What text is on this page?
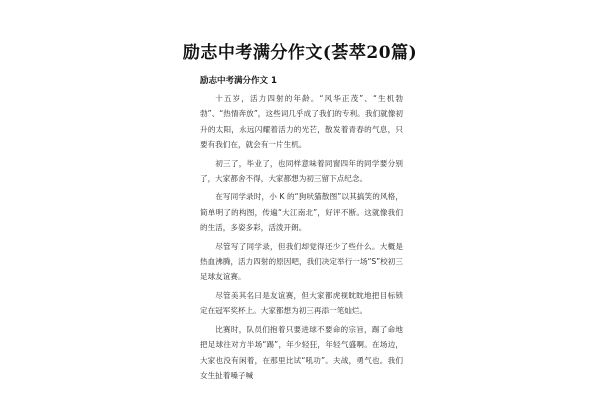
励志中考满分作文(荟萃20篇)
励志中考满分作文 1

十五岁，活力四射的年龄。“风华正茂”、“生机勃勃”、“热情奔放”，这些词几乎成了我们的专利。我们就像初升的太阳，永远闪耀着活力的光芒，散发着青春的气息，只要有我们在，就会有一片生机。

初三了，毕业了，也同样意味着同窗四年的同学要分别了，大家都舍不得，大家都想为初三留下点纪念。

在写同学录时，小 K 的“狗吠猫散图”以其搞笑的风格，简单明了的构图，传遍“大江南北”，好评不断。这就像我们的生活，多姿多彩，活泼开朗。

尽管写了同学录，但我们却觉得还少了些什么。大概是热血沸腾，活力四射的原因吧，我们决定举行一场“S”校初三足球友谊赛。

尽管美其名曰是友谊赛，但大家都虎视眈眈地把目标锁定在冠军奖杯上。大家都想为初三再添一笔灿烂。

比赛时，队员们抱着只要进球不要命的宗旨，踢了命地把足球往对方半场“踢”，年少轻狂，年轻气盛啊。在场边，大家也没有闲着，在那里比试“吼功”。夫战，勇气也。我们女生扯着嗓子喊
